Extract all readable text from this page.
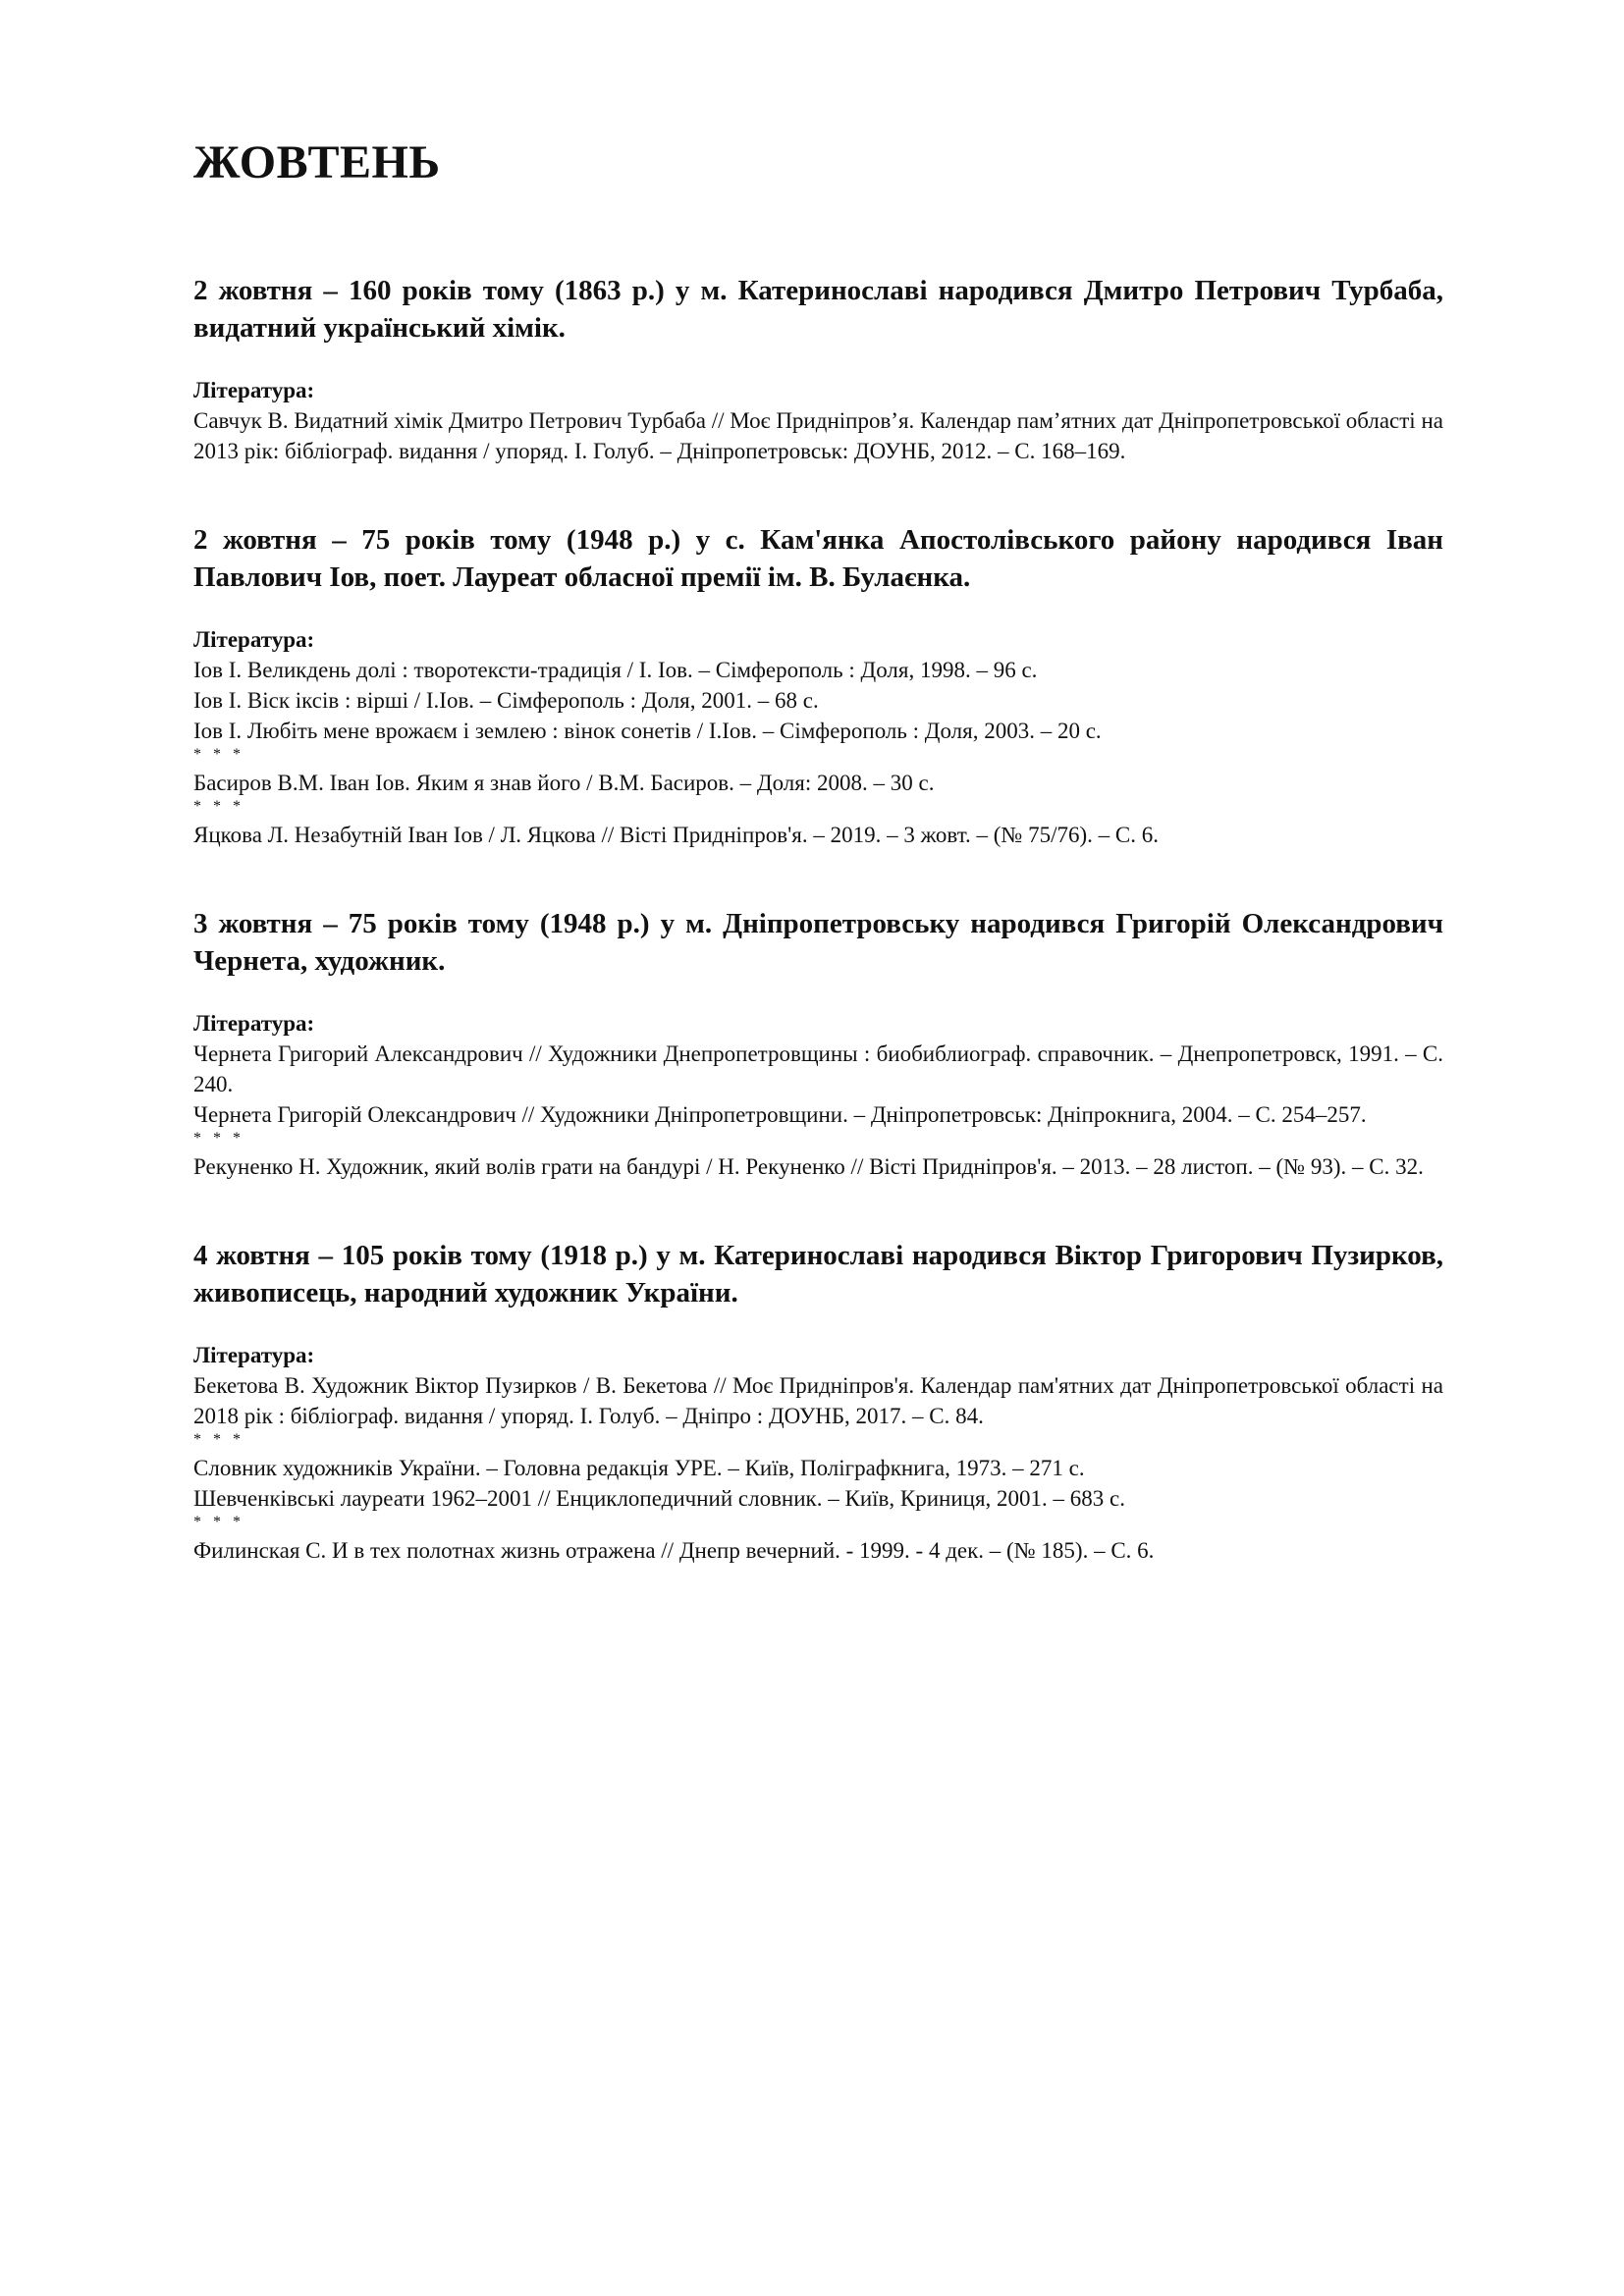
ЖОВТЕНЬ

2 жовтня – 160 років тому (1863 р.) у м. Катеринославі народився Дмитро Петрович Турбаба, видатний український хімік.

Література:

Савчук В. Видатний хімік Дмитро Петрович Турбаба // Моє Придніпров’я. Календар пам’ятних дат Дніпропетровської області на 2013 рік: бібліограф. видання / упоряд. І. Голуб. – Дніпропетровськ: ДОУНБ, 2012. – С. 168–169.

2 жовтня – 75 років тому (1948 р.) у с. Кам'янка Апостолівського району народився Іван Павлович Іов, поет. Лауреат обласної премії ім. В. Булаєнка.

Література:

Іов І. Великдень долі : творотексти-традиція / І. Іов. – Сімферополь : Доля, 1998. – 96 с.

Іов І. Віск іксів : вірші / І.Іов. – Сімферополь : Доля, 2001. – 68 с.

Іов І. Любіть мене врожаєм і землею : вінок сонетів / І.Іов. – Сімферополь : Доля, 2003. – 20 с.

* * *

Басиров В.М. Іван Іов. Яким я знав його / В.М. Басиров. – Доля: 2008. – 30 с.

* * *

Яцкова Л. Незабутній Іван Іов / Л. Яцкова // Вісті Придніпров'я. – 2019. – 3 жовт. – (№ 75/76). – С. 6.

3 жовтня – 75 років тому (1948 р.) у м. Дніпропетровську народився Григорій Олександрович Чернета, художник.

Література:

Чернета Григорий Александрович // Художники Днепропетровщины : биобиблиограф. справочник. – Днепропетровск, 1991. – С. 240.

Чернета Григорій Олександрович // Художники Дніпропетровщини. – Дніпропетровськ: Дніпрокнига, 2004. – С. 254–257.

* * *

Рекуненко Н. Художник, який волів грати на бандурі / Н. Рекуненко // Вісті Придніпров'я. – 2013. – 28 листоп. – (№ 93). – С. 32.

4 жовтня – 105 років тому (1918 р.) у м. Катеринославі народився Віктор Григорович Пузирков, живописець, народний художник України.

Література:

Бекетова В. Художник Віктор Пузирков / В. Бекетова // Моє Придніпров'я. Календар пам'ятних дат Дніпропетровської області на 2018 рік : бібліограф. видання / упоряд. І. Голуб. – Дніпро : ДОУНБ, 2017. – С. 84.

* * *

Словник художників України. – Головна редакція УРЕ. – Київ, Поліграфкнига, 1973. – 271 с.

Шевченківські лауреати 1962–2001 // Енциклопедичний словник. – Київ, Криниця, 2001. – 683 с.

* * *

Филинская С. И в тех полотнах жизнь отражена // Днепр вечерний. - 1999. - 4 дек. – (№ 185). – С. 6.
